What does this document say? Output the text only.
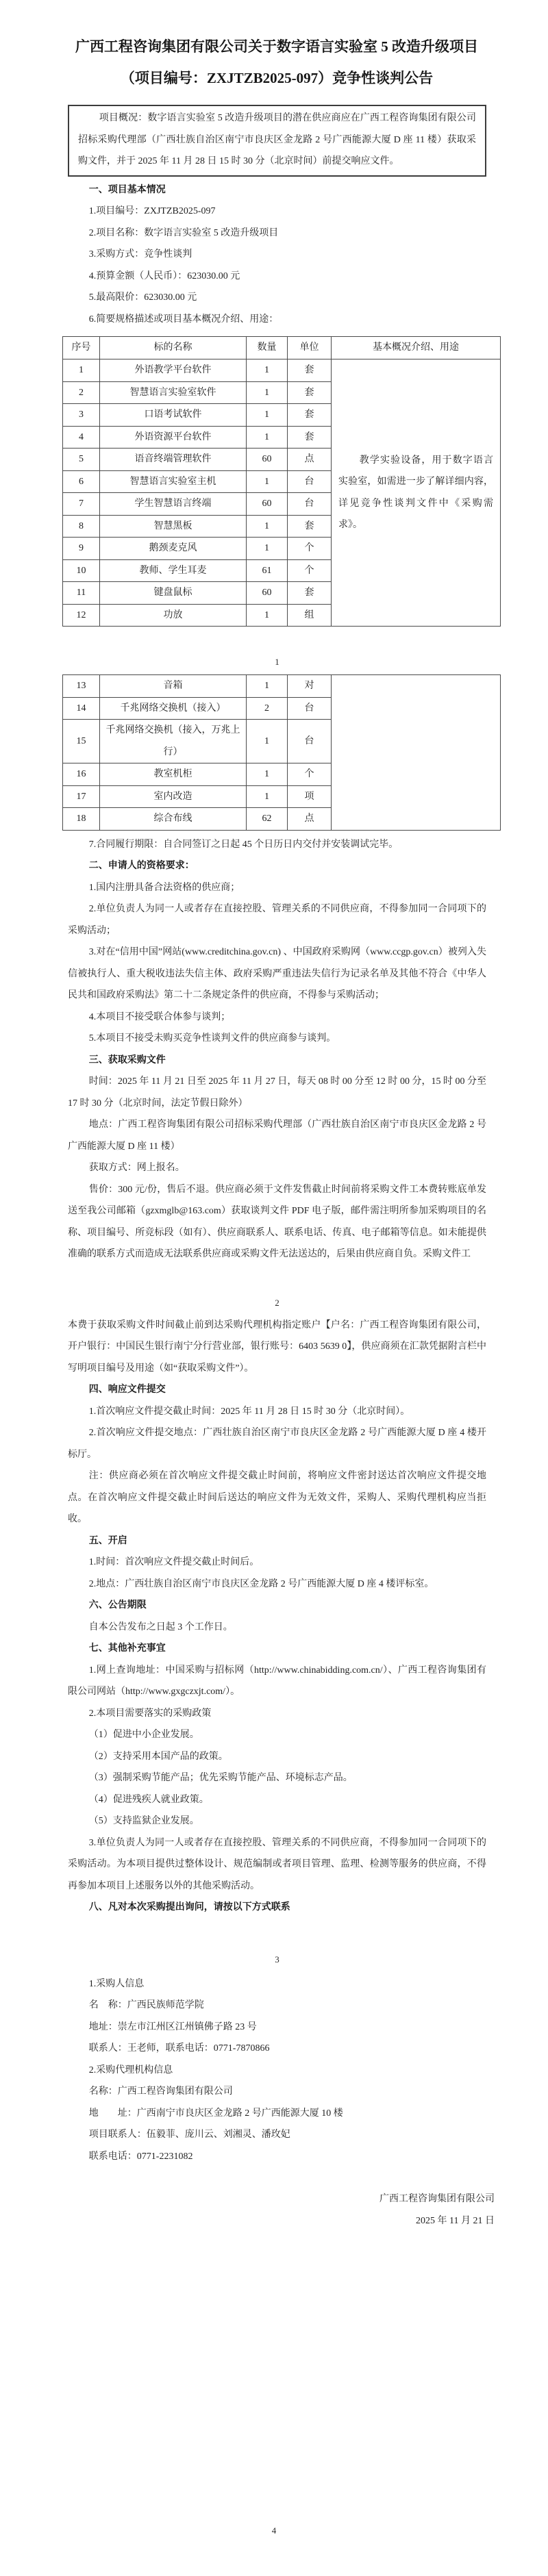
广西工程咨询集团有限公司关于数字语言实验室 5 改造升级项目
（项目编号：ZXJTZB2025-097）竞争性谈判公告

项目概况：数字语言实验室 5 改造升级项目的潜在供应商应在广西工程咨询集团有限公司招标采购代理部（广西壮族自治区南宁市良庆区金龙路 2 号广西能源大厦 D 座 11 楼）获取采购文件，并于 2025 年 11 月 28 日 15 时 30 分（北京时间）前提交响应文件。

一、项目基本情况

1.项目编号：ZXJTZB2025-097

2.项目名称：数字语言实验室 5 改造升级项目

3.采购方式：竞争性谈判

4.预算金额（人民币）：623030.00 元

5.最高限价：623030.00 元

6.简要规格描述或项目基本概况介绍、用途：

序号	标的名称	数量	单位	基本概况介绍、用途
1	外语教学平台软件	1	套	教学实验设备，用于数字语言实验室，如需进一步了解详细内容，详见竞争性谈判文件中《采购需求》。

2	智慧语言实验室软件	1	套	
3	口语考试软件	1	套	
4	外语资源平台软件	1	套	
5	语音终端管理软件	60	点	
6	智慧语言实验室主机	1	台	
7	学生智慧语言终端	60	台	
8	智慧黑板	1	套	
9	鹅颈麦克风	1	个	
10	教师、学生耳麦	61	个	
11	键盘鼠标	60	套	
12	功放	1	组	
1
13	音箱	1	对	
14	千兆网络交换机（接入）	2	台	
15	千兆网络交换机（接入，万兆上行）	1	台	
16	教室机柜	1	个	
17	室内改造	1	项	
18	综合布线	62	点	

7.合同履行期限：自合同签订之日起 45 个日历日内交付并安装调试完毕。

二、申请人的资格要求：

1.国内注册具备合法资格的供应商；

2.单位负责人为同一人或者存在直接控股、管理关系的不同供应商，不得参加同一合同项下的采购活动；

3.对在“信用中国”网站(www.creditchina.gov.cn) 、中国政府采购网（www.ccgp.gov.cn）被列入失信被执行人、重大税收违法失信主体、政府采购严重违法失信行为记录名单及其他不符合《中华人民共和国政府采购法》第二十二条规定条件的供应商，不得参与采购活动；

4.本项目不接受联合体参与谈判；

5.本项目不接受未购买竞争性谈判文件的供应商参与谈判。

三、获取采购文件

时间：2025 年 11 月 21 日至 2025 年 11 月 27 日，每天 08 时 00 分至 12 时 00 分，15 时 00 分至 17 时 30 分（北京时间，法定节假日除外）

地点：广西工程咨询集团有限公司招标采购代理部（广西壮族自治区南宁市良庆区金龙路 2 号广西能源大厦 D 座 11 楼）

获取方式：网上报名。

售价：300 元/份，售后不退。供应商必须于文件发售截止时间前将采购文件工本费转账底单发送至我公司邮箱（gzxmglb@163.com）获取谈判文件 PDF 电子版，邮件需注明所参加采购项目的名称、项目编号、所竞标段（如有）、供应商联系人、联系电话、传真、电子邮箱等信息。如未能提供准确的联系方式而造成无法联系供应商或采购文件无法送达的，后果由供应商自负。采购文件工

2

本费于获取采购文件时间截止前到达采购代理机构指定账户【户名：广西工程咨询集团有限公司，开户银行：中国民生银行南宁分行营业部，银行账号：6403 5639 0】，供应商须在汇款凭据附言栏中写明项目编号及用途（如“获取采购文件”）。

四、响应文件提交

1.首次响应文件提交截止时间：2025 年 11 月 28 日 15 时 30 分（北京时间）。

2.首次响应文件提交地点：广西壮族自治区南宁市良庆区金龙路 2 号广西能源大厦 D 座 4 楼开标厅。

注：供应商必须在首次响应文件提交截止时间前，将响应文件密封送达首次响应文件提交地点。在首次响应文件提交截止时间后送达的响应文件为无效文件，采购人、采购代理机构应当拒收。

五、开启

1.时间：首次响应文件提交截止时间后。

2.地点：广西壮族自治区南宁市良庆区金龙路 2 号广西能源大厦 D 座 4 楼评标室。

六、公告期限

自本公告发布之日起 3 个工作日。

七、其他补充事宜

1.网上查询地址：中国采购与招标网（http://www.chinabidding.com.cn/）、广西工程咨询集团有限公司网站（http://www.gxgczxjt.com/）。

2.本项目需要落实的采购政策

（1）促进中小企业发展。

（2）支持采用本国产品的政策。

（3）强制采购节能产品；优先采购节能产品、环境标志产品。

（4）促进残疾人就业政策。

（5）支持监狱企业发展。

3.单位负责人为同一人或者存在直接控股、管理关系的不同供应商，不得参加同一合同项下的采购活动。为本项目提供过整体设计、规范编制或者项目管理、监理、检测等服务的供应商，不得再参加本项目上述服务以外的其他采购活动。

八、凡对本次采购提出询问，请按以下方式联系

3

1.采购人信息

名　称：广西民族师范学院

地址：崇左市江州区江州镇佛子路 23 号

联系人：王老师，联系电话：0771-7870866

2.采购代理机构信息

名称：广西工程咨询集团有限公司

地　　址：广西南宁市良庆区金龙路 2 号广西能源大厦 10 楼

项目联系人：伍毅菲、庞川云、刘湘灵、潘玫妃

联系电话：0771-2231082

广西工程咨询集团有限公司

2025 年 11 月 21 日

4
